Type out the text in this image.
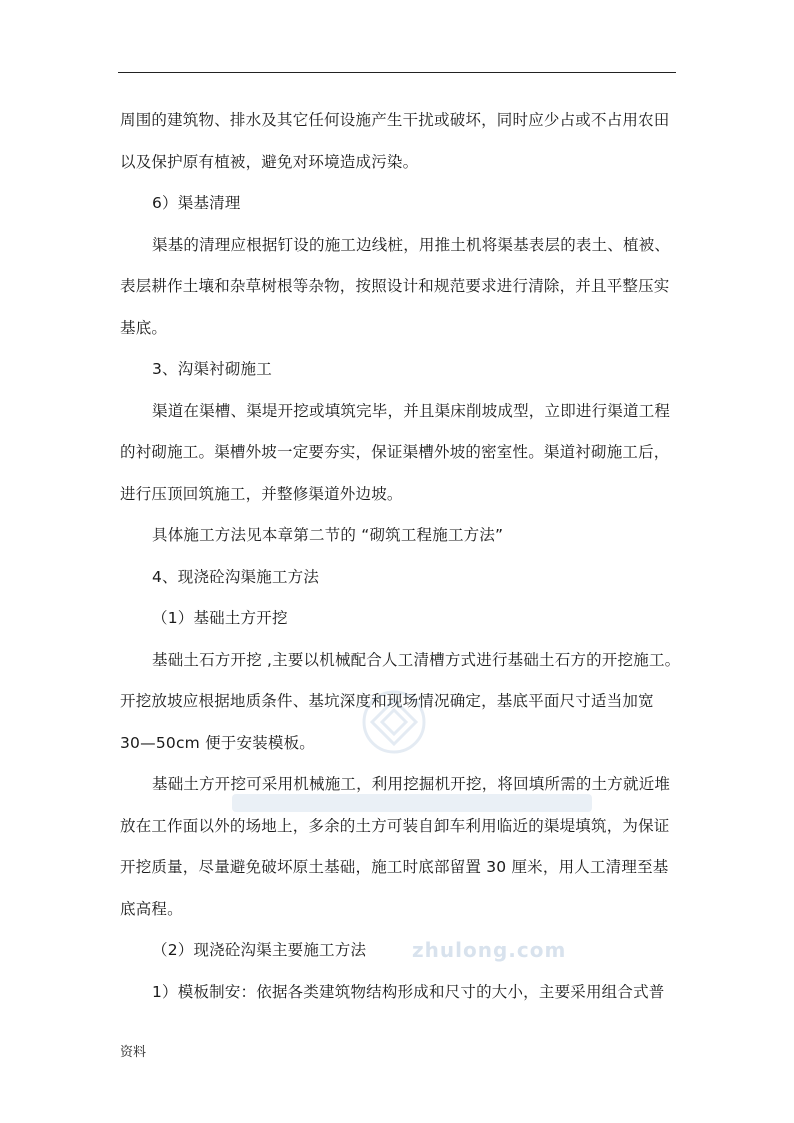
周围的建筑物、排水及其它任何设施产生干扰或破坏，同时应少占或不占用农田
以及保护原有植被，避免对环境造成污染。
6）渠基清理
渠基的清理应根据钉设的施工边线桩，用推土机将渠基表层的表土、植被、
表层耕作土壤和杂草树根等杂物，按照设计和规范要求进行清除，并且平整压实
基底。
3、沟渠衬砌施工
渠道在渠槽、渠堤开挖或填筑完毕，并且渠床削坡成型，立即进行渠道工程
的衬砌施工。渠槽外坡一定要夯实，保证渠槽外坡的密室性。渠道衬砌施工后，
进行压顶回筑施工，并整修渠道外边坡。
具体施工方法见本章第二节的 “砌筑工程施工方法”
4、现浇砼沟渠施工方法
（1）基础土方开挖
基础土石方开挖 ,主要以机械配合人工清槽方式进行基础土石方的开挖施工。
开挖放坡应根据地质条件、基坑深度和现场情况确定，基底平面尺寸适当加宽
30—50cm 便于安装模板。
基础土方开挖可采用机械施工，利用挖掘机开挖，将回填所需的土方就近堆
放在工作面以外的场地上，多余的土方可装自卸车利用临近的渠堤填筑，为保证
开挖质量，尽量避免破坏原土基础，施工时底部留置 30 厘米，用人工清理至基
底高程。
（2）现浇砼沟渠主要施工方法
1）模板制安：依据各类建筑物结构形成和尺寸的大小，主要采用组合式普
zhulong.com
资料
